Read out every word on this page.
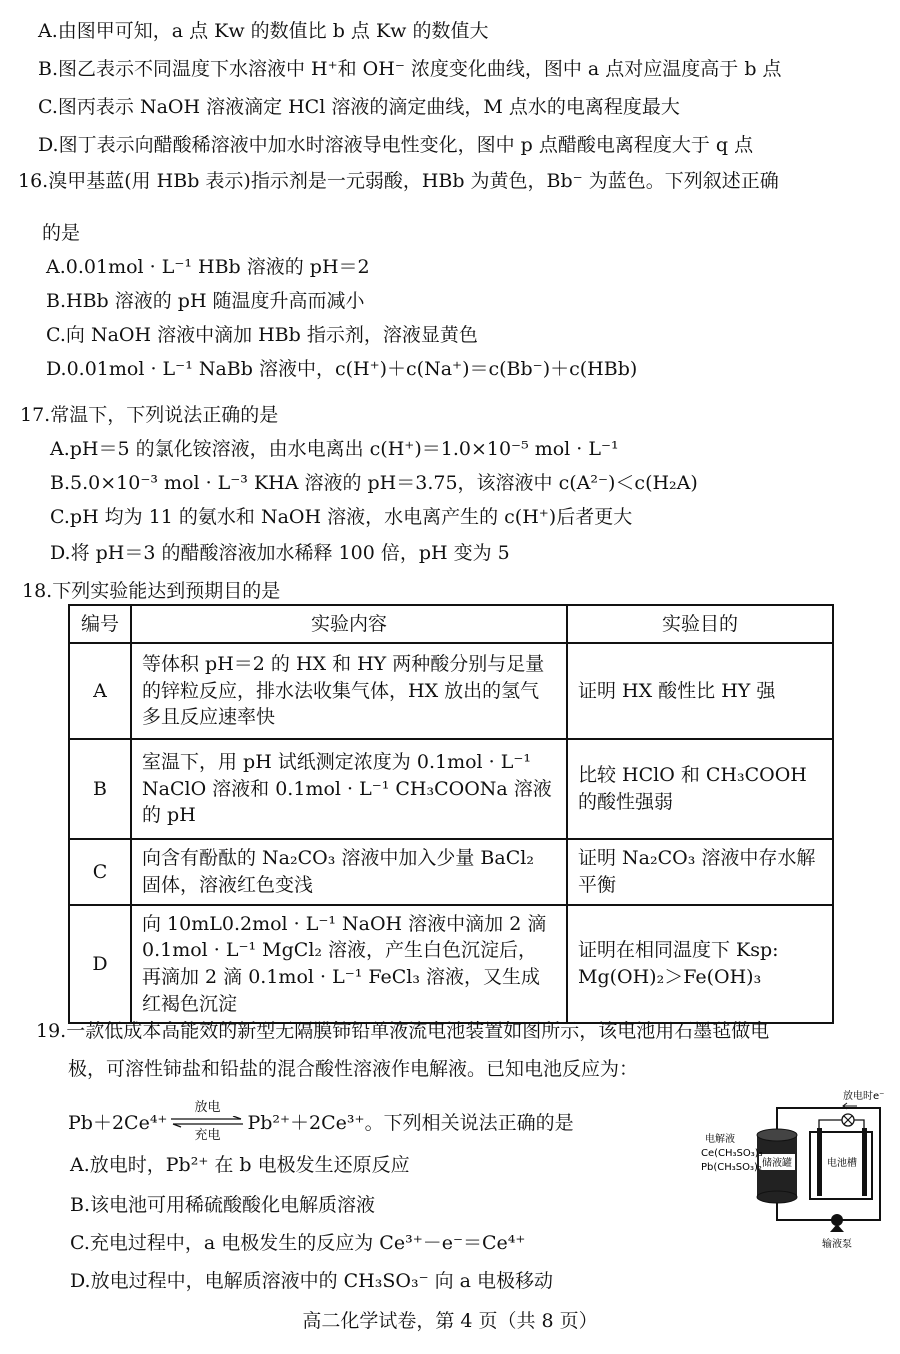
A.由图甲可知，a 点 Kw 的数值比 b 点 Kw 的数值大
B.图乙表示不同温度下水溶液中 H⁺和 OH⁻ 浓度变化曲线，图中 a 点对应温度高于 b 点
C.图丙表示 NaOH 溶液滴定 HCl 溶液的滴定曲线，M 点水的电离程度最大
D.图丁表示向醋酸稀溶液中加水时溶液导电性变化，图中 p 点醋酸电离程度大于 q 点
16.溴甲基蓝(用 HBb 表示)指示剂是一元弱酸，HBb 为黄色，Bb⁻ 为蓝色。下列叙述正确
的是
A.0.01mol · L⁻¹ HBb 溶液的 pH＝2
B.HBb 溶液的 pH 随温度升高而减小
C.向 NaOH 溶液中滴加 HBb 指示剂，溶液显黄色
D.0.01mol · L⁻¹ NaBb 溶液中，c(H⁺)＋c(Na⁺)＝c(Bb⁻)＋c(HBb)
17.常温下，下列说法正确的是
A.pH＝5 的氯化铵溶液，由水电离出 c(H⁺)＝1.0×10⁻⁵ mol · L⁻¹
B.5.0×10⁻³ mol · L⁻³ KHA 溶液的 pH＝3.75，该溶液中 c(A²⁻)＜c(H₂A)
C.pH 均为 11 的氨水和 NaOH 溶液，水电离产生的 c(H⁺)后者更大
D.将 pH＝3 的醋酸溶液加水稀释 100 倍，pH 变为 5
18.下列实验能达到预期目的是
编号	实验内容	实验目的
A	等体积 pH＝2 的 HX 和 HY 两种酸分别与足量的锌粒反应，排水法收集气体，HX 放出的氢气多且反应速率快	证明 HX 酸性比 HY 强
B	室温下，用 pH 试纸测定浓度为 0.1mol · L⁻¹ NaClO 溶液和 0.1mol · L⁻¹ CH₃COONa 溶液的 pH	比较 HClO 和 CH₃COOH 的酸性强弱
C	向含有酚酞的 Na₂CO₃ 溶液中加入少量 BaCl₂ 固体，溶液红色变浅	证明 Na₂CO₃ 溶液中存水解平衡
D	向 10mL0.2mol · L⁻¹ NaOH 溶液中滴加 2 滴 0.1mol · L⁻¹ MgCl₂ 溶液，产生白色沉淀后，再滴加 2 滴 0.1mol · L⁻¹ FeCl₃ 溶液，又生成红褐色沉淀	证明在相同温度下 Ksp: Mg(OH)₂＞Fe(OH)₃
19.一款低成本高能效的新型无隔膜铈铅单液流电池装置如图所示，该电池用石墨毡做电
极，可溶性铈盐和铅盐的混合酸性溶液作电解液。已知电池反应为：
Pb＋2Ce⁴⁺
放电
充电
Pb²⁺＋2Ce³⁺。下列相关说法正确的是
A.放电时，Pb²⁺ 在 b 电极发生还原反应
B.该电池可用稀硫酸酸化电解质溶液
C.充电过程中，a 电极发生的反应为 Ce³⁺－e⁻＝Ce⁴⁺
D.放电过程中，电解质溶液中的 CH₃SO₃⁻ 向 a 电极移动
储液罐	电池槽
放电时e⁻
输液泵
电解液
Ce(CH₃SO₃)₃
Pb(CH₃SO₃)₂
高二化学试卷，第 4 页（共 8 页）
